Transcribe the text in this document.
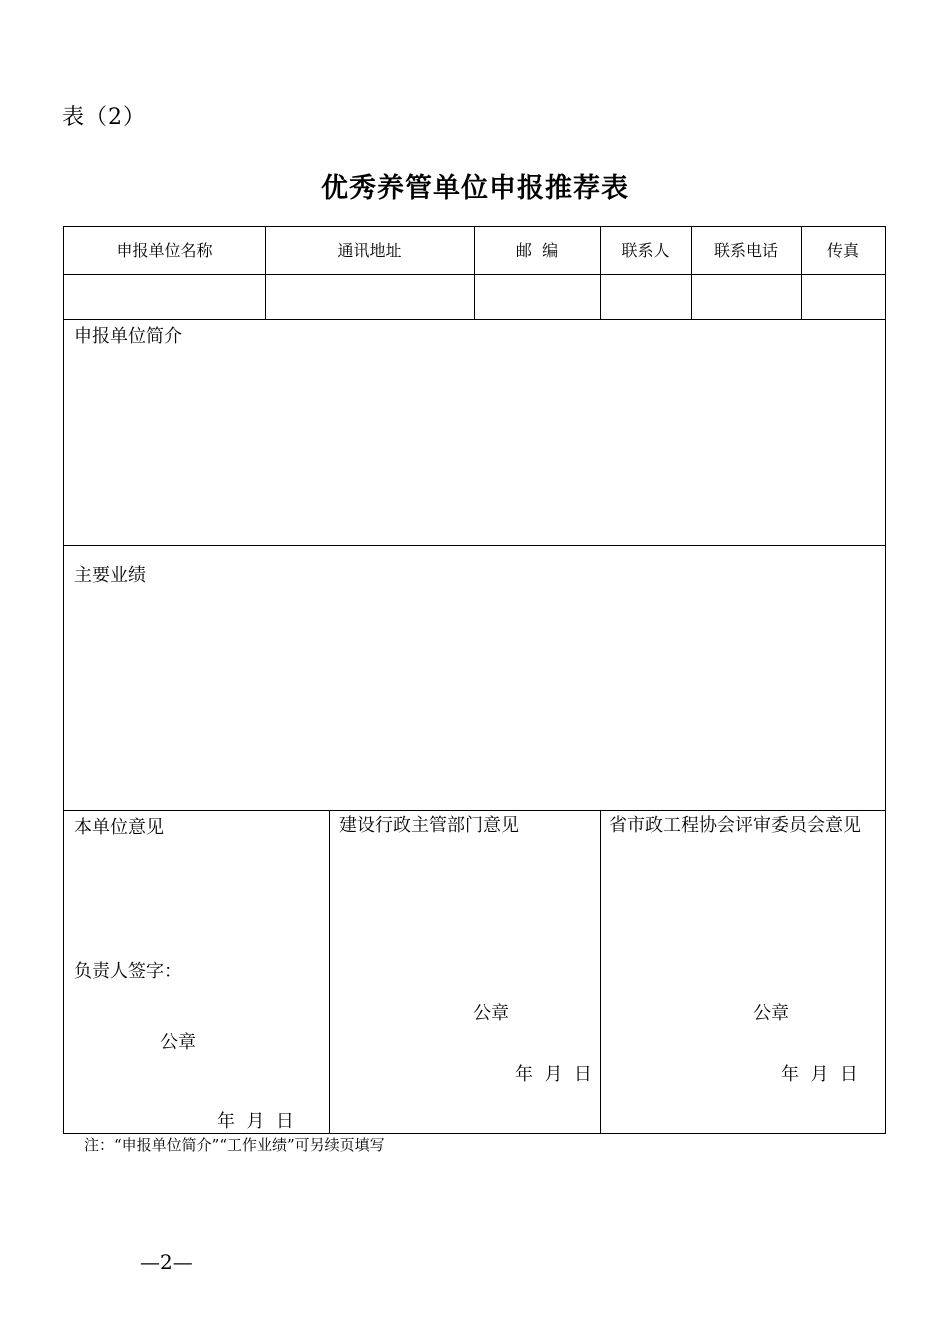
表（2）
优秀养管单位申报推荐表
申报单位名称	通讯地址	邮  编	联系人	联系电话	传真
申报单位简介
主要业绩
本单位意见
负责人签字：
公章
年  月  日
建设行政主管部门意见
公章
年  月  日
省市政工程协会评审委员会意见
公章
年  月  日
注：“申报单位简介”“工作业绩”可另续页填写
—2—
